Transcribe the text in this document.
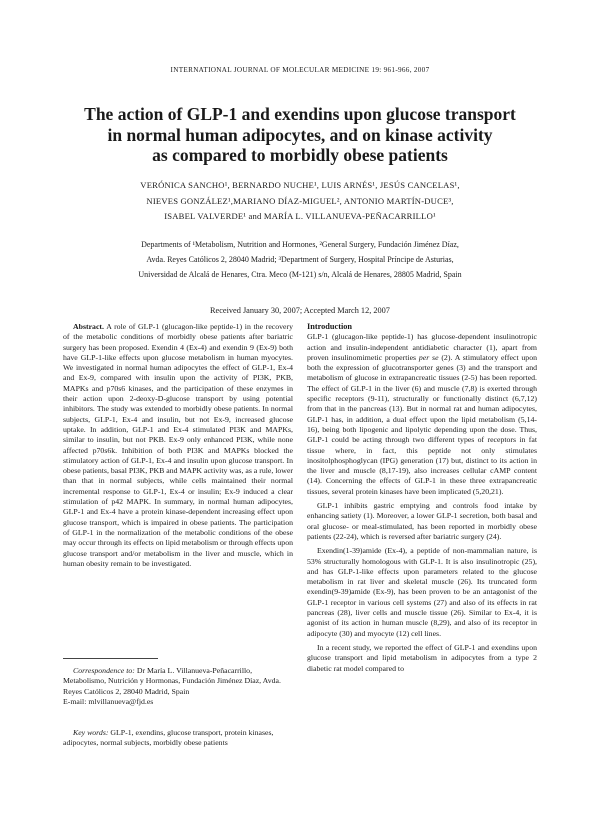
INTERNATIONAL JOURNAL OF MOLECULAR MEDICINE 19: 961-966, 2007
The action of GLP-1 and exendins upon glucose transport
in normal human adipocytes, and on kinase activity
as compared to morbidly obese patients
VERÓNICA SANCHO¹, BERNARDO NUCHE¹, LUIS ARNÉS¹, JESÚS CANCELAS¹,
NIEVES GONZÁLEZ¹,MARIANO DÍAZ-MIGUEL², ANTONIO MARTÍN-DUCE³,
ISABEL VALVERDE¹ and MARÍA L. VILLANUEVA-PEÑACARRILLO¹
Departments of ¹Metabolism, Nutrition and Hormones, ²General Surgery, Fundación Jiménez Díaz,
Avda. Reyes Católicos 2, 28040 Madrid; ³Department of Surgery, Hospital Príncipe de Asturias,
Universidad de Alcalá de Henares, Ctra. Meco (M-121) s/n, Alcalá de Henares, 28805 Madrid, Spain
Received January 30, 2007; Accepted March 12, 2007

Abstract. A role of GLP-1 (glucagon-like peptide-1) in the recovery of the metabolic conditions of morbidly obese patients after bariatric surgery has been proposed. Exendin 4 (Ex-4) and exendin 9 (Ex-9) both have GLP-1-like effects upon glucose metabolism in human myocytes. We investigated in normal human adipocytes the effect of GLP-1, Ex-4 and Ex-9, compared with insulin upon the activity of PI3K, PKB, MAPKs and p70s6 kinases, and the participation of these enzymes in their action upon 2-deoxy-D-glucose transport by using potential inhibitors. The study was extended to morbidly obese patients. In normal subjects, GLP-1, Ex-4 and insulin, but not Ex-9, increased glucose uptake. In addition, GLP-1 and Ex-4 stimulated PI3K and MAPKs, similar to insulin, but not PKB. Ex-9 only enhanced PI3K, while none affected p70s6k. Inhibition of both PI3K and MAPKs blocked the stimulatory action of GLP-1, Ex-4 and insulin upon glucose transport. In obese patients, basal PI3K, PKB and MAPK activity was, as a rule, lower than that in normal subjects, while cells maintained their normal incremental response to GLP-1, Ex-4 or insulin; Ex-9 induced a clear stimulation of p42 MAPK. In summary, in normal human adipocytes, GLP-1 and Ex-4 have a protein kinase-dependent increasing effect upon glucose transport, which is impaired in obese patients. The participation of GLP-1 in the normalization of the metabolic conditions of the obese may occur through its effects on lipid metabolism or through effects upon glucose transport and/or metabolism in the liver and muscle, which in human obesity remain to be investigated.

Correspondence to: Dr María L. Villanueva-Peñacarrillo, Metabolismo, Nutrición y Hormonas, Fundación Jiménez Díaz, Avda. Reyes Católicos 2, 28040 Madrid, Spain

E-mail: mlvillanueva@fjd.es

Key words: GLP-1, exendins, glucose transport, protein kinases, adipocytes, normal subjects, morbidly obese patients

Introduction

GLP-1 (glucagon-like peptide-1) has glucose-dependent insulinotropic action and insulin-independent antidiabetic character (1), apart from proven insulinomimetic properties per se (2). A stimulatory effect upon both the expression of glucotransporter genes (3) and the transport and metabolism of glucose in extrapancreatic tissues (2-5) has been reported. The effect of GLP-1 in the liver (6) and muscle (7,8) is exerted through specific receptors (9-11), structurally or functionally distinct (6,7,12) from that in the pancreas (13). But in normal rat and human adipocytes, GLP-1 has, in addition, a dual effect upon the lipid metabolism (5,14-16), being both lipogenic and lipolytic depending upon the dose. Thus, GLP-1 could be acting through two different types of receptors in fat tissue where, in fact, this peptide not only stimulates inositolphosphoglycan (IPG) generation (17) but, distinct to its action in the liver and muscle (8,17-19), also increases cellular cAMP content (14). Concerning the effects of GLP-1 in these three extrapancreatic tissues, several protein kinases have been implicated (5,20,21).

GLP-1 inhibits gastric emptying and controls food intake by enhancing satiety (1). Moreover, a lower GLP-1 secretion, both basal and oral glucose- or meal-stimulated, has been reported in morbidly obese patients (22-24), which is reversed after bariatric surgery (24).

Exendin(1-39)amide (Ex-4), a peptide of non-mammalian nature, is 53% structurally homologous with GLP-1. It is also insulinotropic (25), and has GLP-1-like effects upon parameters related to the glucose metabolism in rat liver and skeletal muscle (26). Its truncated form exendin(9-39)amide (Ex-9), has been proven to be an antagonist of the GLP-1 receptor in various cell systems (27) and also of its effects in rat pancreas (28), liver cells and muscle tissue (26). Similar to Ex-4, it is agonist of its action in human muscle (8,29), and also of its receptor in adipocyte (30) and myocyte (12) cell lines.

In a recent study, we reported the effect of GLP-1 and exendins upon glucose transport and lipid metabolism in adipocytes from a type 2 diabetic rat model compared to
